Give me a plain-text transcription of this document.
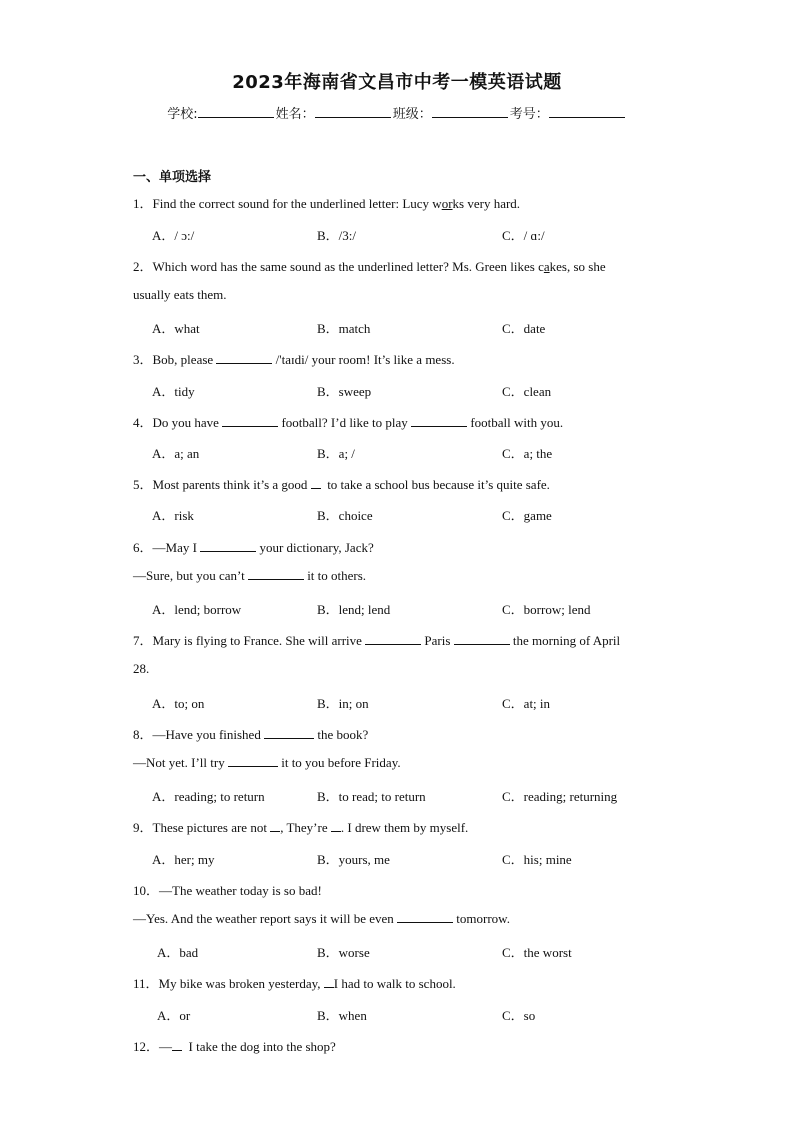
2023年海南省文昌市中考一模英语试题
学校:	姓名：	班级：	考号：
一、单项选择
1．Find the correct sound for the underlined letter: Lucy works very hard.
A．/ ɔ:/	B．/3:/	C．/ ɑ:/
2．Which word has the same sound as the underlined letter? Ms. Green likes cakes, so she
usually eats them.
A．what	B．match	C．date
3．Bob, please	/'taɪdi/ your room! It’s like a mess.
A．tidy	B．sweep	C．clean
4．Do you have	football? I’d like to play	football with you.
A．a; an	B．a; /	C．a; the
5．Most parents think it’s a good   to take a school bus because it’s quite safe.
A．risk	B．choice	C．game
6．—May I	your dictionary, Jack?
—Sure, but you can’t	it to others.
A．lend; borrow	B．lend; lend	C．borrow; lend
7．Mary is flying to France. She will arrive	Paris	the morning of April
28.
A．to; on	B．in; on	C．at; in
8．—Have you finished	the book?
—Not yet. I’ll try	it to you before Friday.
A．reading; to return	B．to read; to return	C．reading; returning
9．These pictures are not , They’re . I drew them by myself.
A．her; my	B．yours, me	C．his; mine
10．—The weather today is so bad!
—Yes. And the weather report says it will be even	tomorrow.
A．bad	B．worse	C．the worst
11．My bike was broken yesterday, I had to walk to school.
A．or	B．when	C．so
12．— I take the dog into the shop?
